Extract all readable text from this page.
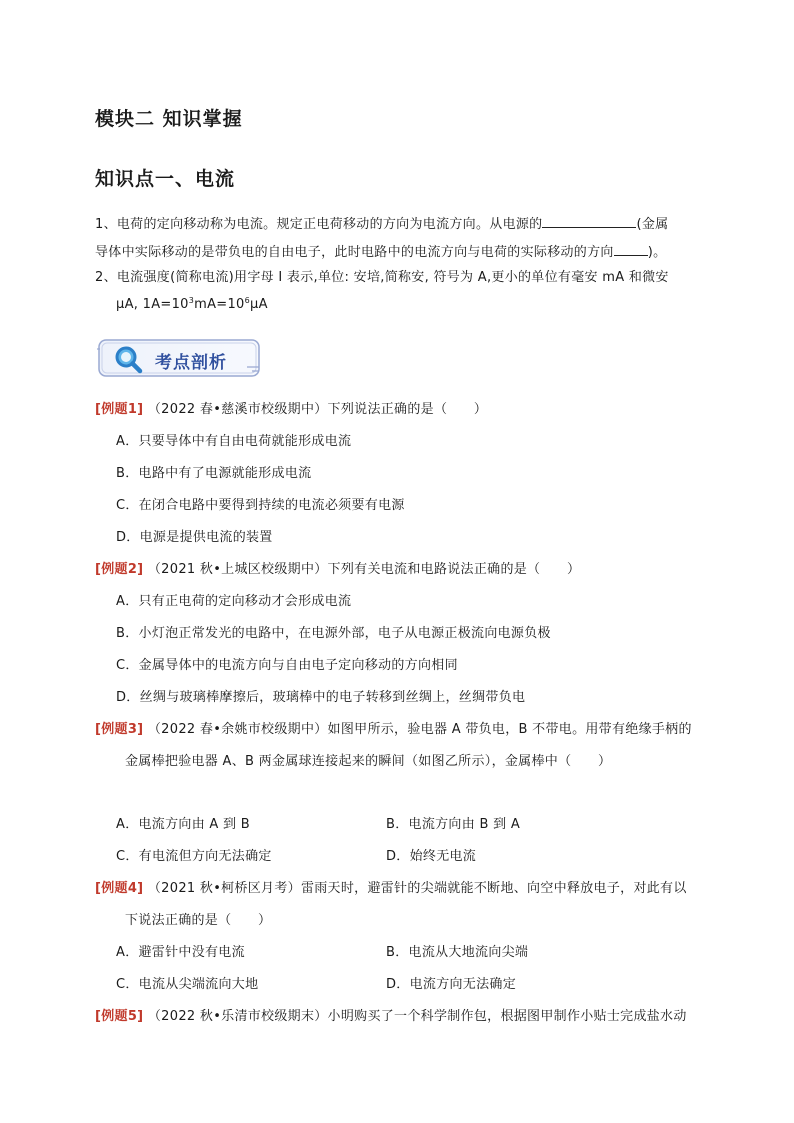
模块二 知识掌握
知识点一、电流
1、电荷的定向移动称为电流。规定正电荷移动的方向为电流方向。从电源的	(金属
导体中实际移动的是带负电的自由电子，此时电路中的电流方向与电荷的实际移动的方向	)。
2、电流强度(简称电流)用字母 I 表示,单位: 安培,简称安, 符号为 A,更小的单位有毫安 mA 和微安
μA, $1A=10^3mA=10^6\mu A$
考点剖析
[例题1] （2022 春•慈溪市校级期中）下列说法正确的是（　　）
A．只要导体中有自由电荷就能形成电流
B．电路中有了电源就能形成电流
C．在闭合电路中要得到持续的电流必须要有电源
D．电源是提供电流的装置
[例题2] （2021 秋•上城区校级期中）下列有关电流和电路说法正确的是（　　）
A．只有正电荷的定向移动才会形成电流
B．小灯泡正常发光的电路中，在电源外部，电子从电源正极流向电源负极
C．金属导体中的电流方向与自由电子定向移动的方向相同
D．丝绸与玻璃棒摩擦后，玻璃棒中的电子转移到丝绸上，丝绸带负电
[例题3] （2022 春•余姚市校级期中）如图甲所示，验电器 A 带负电，B 不带电。用带有绝缘手柄的
金属棒把验电器 A、B 两金属球连接起来的瞬间（如图乙所示），金属棒中（　　）
A．电流方向由 A 到 B	B．电流方向由 B 到 A
C．有电流但方向无法确定	D．始终无电流
[例题4] （2021 秋•柯桥区月考）雷雨天时，避雷针的尖端就能不断地、向空中释放电子，对此有以
下说法正确的是（　　）
A．避雷针中没有电流	B．电流从大地流向尖端
C．电流从尖端流向大地	D．电流方向无法确定
[例题5] （2022 秋•乐清市校级期末）小明购买了一个科学制作包，根据图甲制作小贴士完成盐水动
